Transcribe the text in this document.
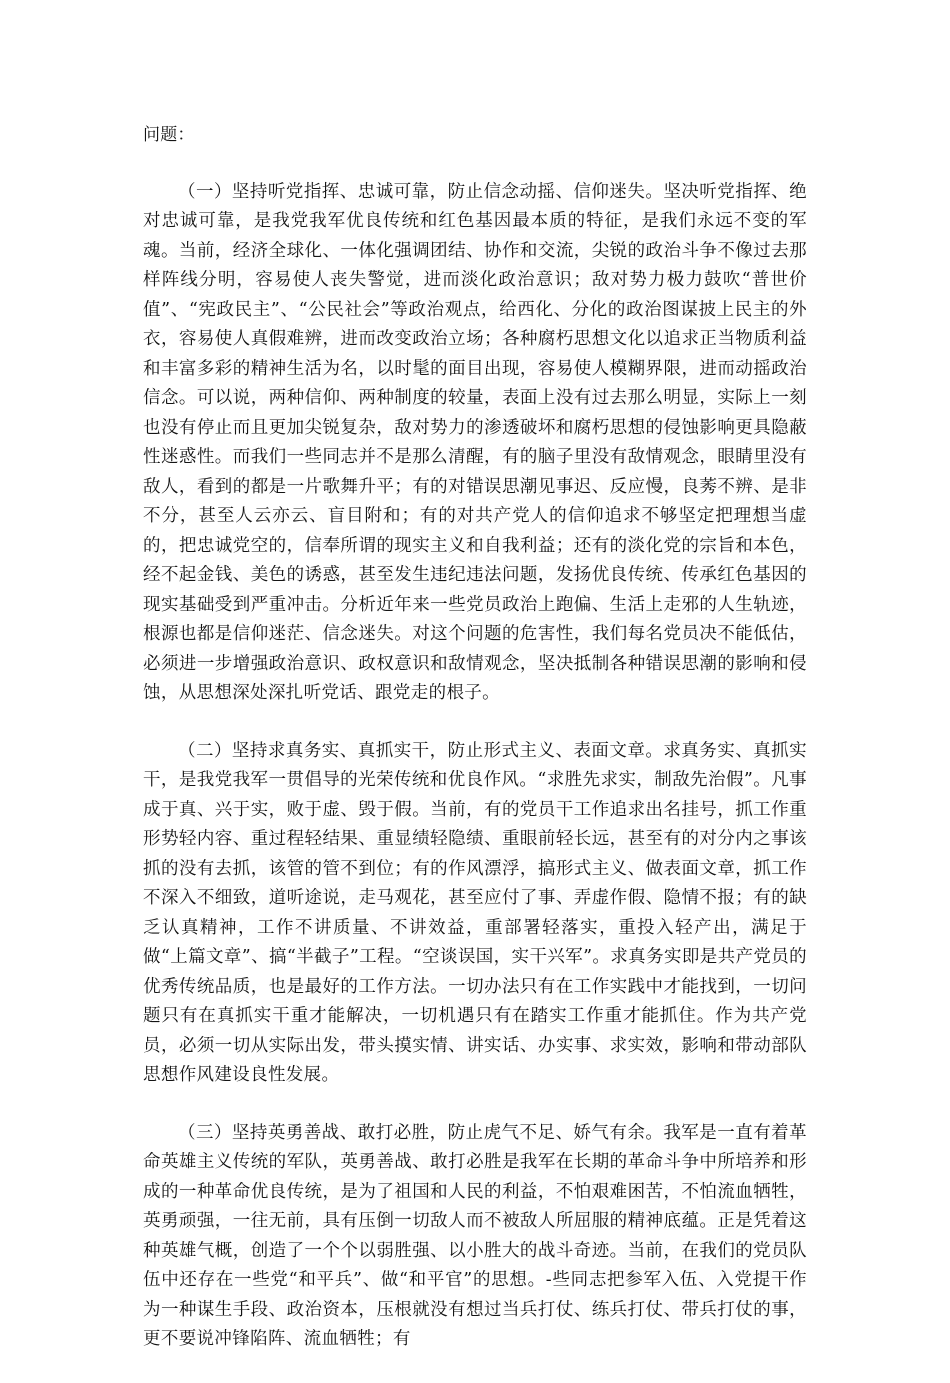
问题：

（一）坚持听党指挥、忠诚可靠，防止信念动摇、信仰迷失。坚决听党指挥、绝对忠诚可靠，是我党我军优良传统和红色基因最本质的特征，是我们永远不变的军魂。当前，经济全球化、一体化强调团结、协作和交流，尖锐的政治斗争不像过去那样阵线分明，容易使人丧失警觉，进而淡化政治意识；敌对势力极力鼓吹“普世价值”、“宪政民主”、“公民社会”等政治观点，给西化、分化的政治图谋披上民主的外衣，容易使人真假难辨，进而改变政治立场；各种腐朽思想文化以追求正当物质利益和丰富多彩的精神生活为名，以时髦的面目出现，容易使人模糊界限，进而动摇政治信念。可以说，两种信仰、两种制度的较量，表面上没有过去那么明显，实际上一刻也没有停止而且更加尖锐复杂，敌对势力的渗透破坏和腐朽思想的侵蚀影响更具隐蔽性迷惑性。而我们一些同志并不是那么清醒，有的脑子里没有敌情观念，眼睛里没有敌人，看到的都是一片歌舞升平；有的对错误思潮见事迟、反应慢，良莠不辨、是非不分，甚至人云亦云、盲目附和；有的对共产党人的信仰追求不够坚定把理想当虚的，把忠诚党空的，信奉所谓的现实主义和自我利益；还有的淡化党的宗旨和本色，经不起金钱、美色的诱惑，甚至发生违纪违法问题，发扬优良传统、传承红色基因的现实基础受到严重冲击。分析近年来一些党员政治上跑偏、生活上走邪的人生轨迹，根源也都是信仰迷茫、信念迷失。对这个问题的危害性，我们每名党员决不能低估，必须进一步增强政治意识、政权意识和敌情观念，坚决抵制各种错误思潮的影响和侵蚀，从思想深处深扎听党话、跟党走的根子。

（二）坚持求真务实、真抓实干，防止形式主义、表面文章。求真务实、真抓实干，是我党我军一贯倡导的光荣传统和优良作风。“求胜先求实，制敌先治假”。凡事成于真、兴于实，败于虚、毁于假。当前，有的党员干工作追求出名挂号，抓工作重形势轻内容、重过程轻结果、重显绩轻隐绩、重眼前轻长远，甚至有的对分内之事该抓的没有去抓，该管的管不到位；有的作风漂浮，搞形式主义、做表面文章，抓工作不深入不细致，道听途说，走马观花，甚至应付了事、弄虚作假、隐情不报；有的缺乏认真精神，工作不讲质量、不讲效益，重部署轻落实，重投入轻产出，满足于做“上篇文章”、搞“半截子”工程。“空谈误国，实干兴军”。求真务实即是共产党员的优秀传统品质，也是最好的工作方法。一切办法只有在工作实践中才能找到，一切问题只有在真抓实干重才能解决，一切机遇只有在踏实工作重才能抓住。作为共产党员，必须一切从实际出发，带头摸实情、讲实话、办实事、求实效，影响和带动部队思想作风建设良性发展。

（三）坚持英勇善战、敢打必胜，防止虎气不足、娇气有余。我军是一直有着革命英雄主义传统的军队，英勇善战、敢打必胜是我军在长期的革命斗争中所培养和形成的一种革命优良传统，是为了祖国和人民的利益，不怕艰难困苦，不怕流血牺牲，英勇顽强，一往无前，具有压倒一切敌人而不被敌人所屈服的精神底蕴。正是凭着这种英雄气概，创造了一个个以弱胜强、以小胜大的战斗奇迹。当前，在我们的党员队伍中还存在一些党“和平兵”、做“和平官”的思想。-些同志把参军入伍、入党提干作为一种谋生手段、政治资本，压根就没有想过当兵打仗、练兵打仗、带兵打仗的事，更不要说冲锋陷阵、流血牺牲；有
